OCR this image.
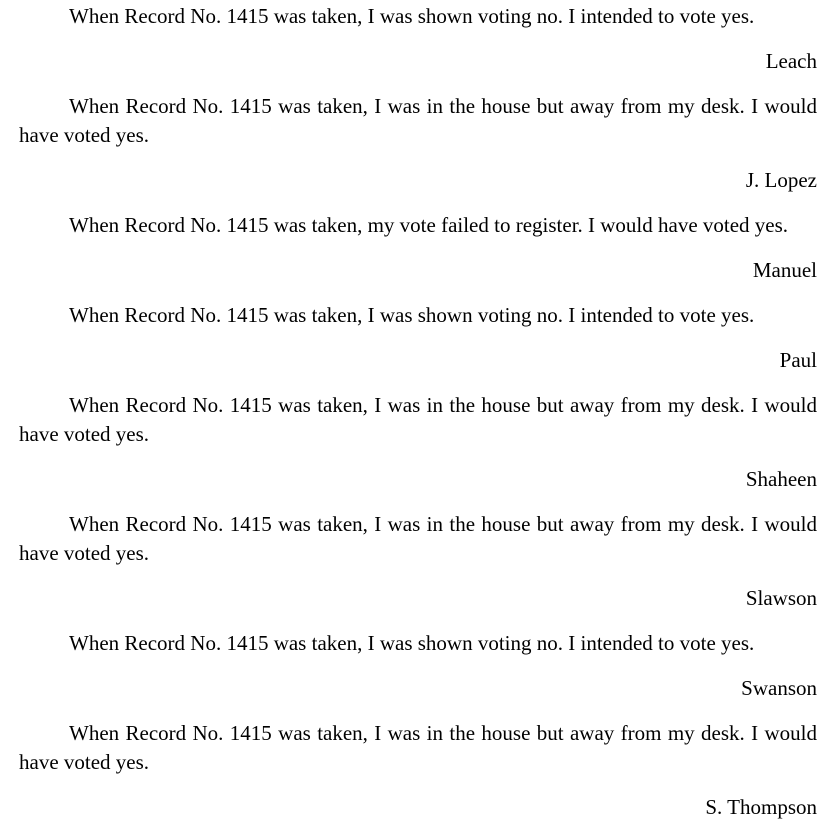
When Record No. 1415 was taken, I was shown voting no. I intended to vote yes.

Leach

When Record No. 1415 was taken, I was in the house but away from my desk. I would have voted yes.

J. Lopez

When Record No. 1415 was taken, my vote failed to register. I would have voted yes.

Manuel

When Record No. 1415 was taken, I was shown voting no. I intended to vote yes.

Paul

When Record No. 1415 was taken, I was in the house but away from my desk. I would have voted yes.

Shaheen

When Record No. 1415 was taken, I was in the house but away from my desk. I would have voted yes.

Slawson

When Record No. 1415 was taken, I was shown voting no. I intended to vote yes.

Swanson

When Record No. 1415 was taken, I was in the house but away from my desk. I would have voted yes.

S. Thompson
